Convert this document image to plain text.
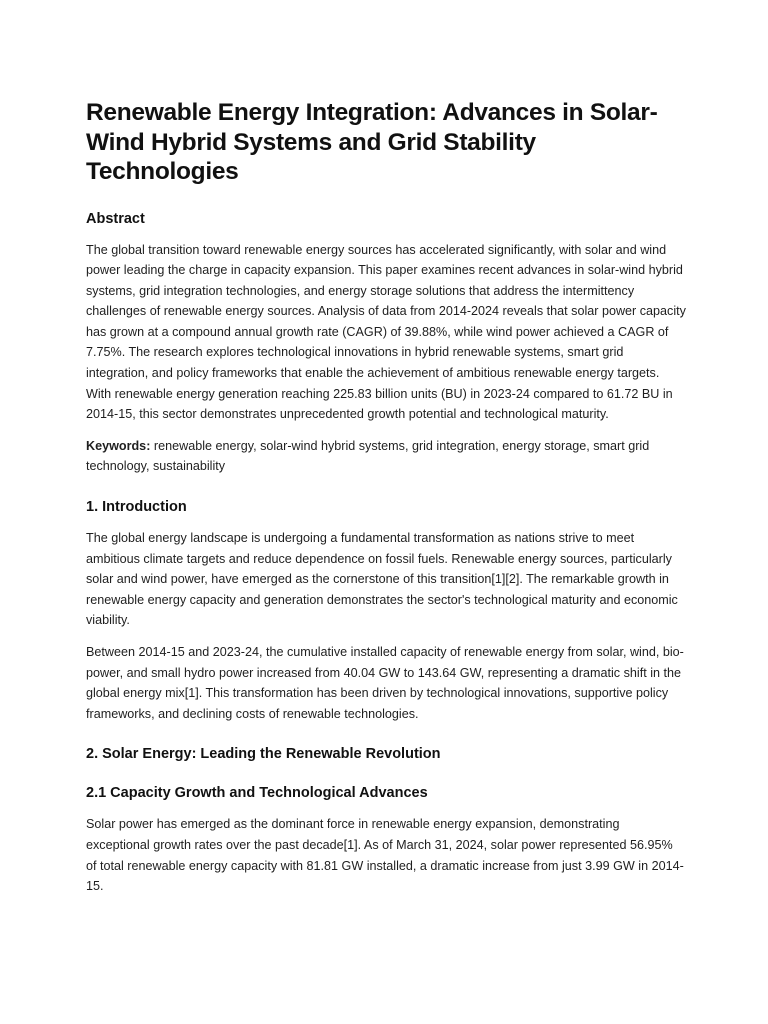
Renewable Energy Integration: Advances in Solar-Wind Hybrid Systems and Grid Stability Technologies
Abstract

The global transition toward renewable energy sources has accelerated significantly, with solar and wind power leading the charge in capacity expansion. This paper examines recent advances in solar-wind hybrid systems, grid integration technologies, and energy storage solutions that address the intermittency challenges of renewable energy sources. Analysis of data from 2014-2024 reveals that solar power capacity has grown at a compound annual growth rate (CAGR) of 39.88%, while wind power achieved a CAGR of 7.75%. The research explores technological innovations in hybrid renewable systems, smart grid integration, and policy frameworks that enable the achievement of ambitious renewable energy targets. With renewable energy generation reaching 225.83 billion units (BU) in 2023-24 compared to 61.72 BU in 2014-15, this sector demonstrates unprecedented growth potential and technological maturity.

Keywords: renewable energy, solar-wind hybrid systems, grid integration, energy storage, smart grid technology, sustainability

1. Introduction

The global energy landscape is undergoing a fundamental transformation as nations strive to meet ambitious climate targets and reduce dependence on fossil fuels. Renewable energy sources, particularly solar and wind power, have emerged as the cornerstone of this transition[1][2]. The remarkable growth in renewable energy capacity and generation demonstrates the sector's technological maturity and economic viability.

Between 2014-15 and 2023-24, the cumulative installed capacity of renewable energy from solar, wind, bio-power, and small hydro power increased from 40.04 GW to 143.64 GW, representing a dramatic shift in the global energy mix[1]. This transformation has been driven by technological innovations, supportive policy frameworks, and declining costs of renewable technologies.

2. Solar Energy: Leading the Renewable Revolution
2.1 Capacity Growth and Technological Advances

Solar power has emerged as the dominant force in renewable energy expansion, demonstrating exceptional growth rates over the past decade[1]. As of March 31, 2024, solar power represented 56.95% of total renewable energy capacity with 81.81 GW installed, a dramatic increase from just 3.99 GW in 2014-15.
